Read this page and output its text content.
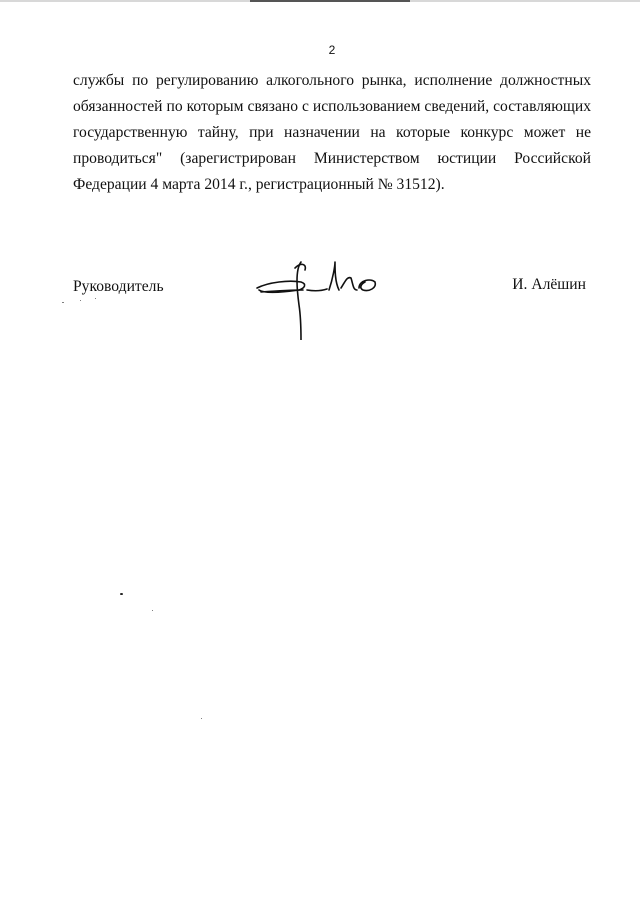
2
службы по регулированию алкогольного рынка, исполнение должностных
обязанностей по которым связано с использованием сведений, составляющих
государственную тайну, при назначении на которые конкурс может не
проводиться" (зарегистрирован Министерством юстиции Российской
Федерации 4 марта 2014 г., регистрационный № 31512).
Руководитель	И. Алёшин
